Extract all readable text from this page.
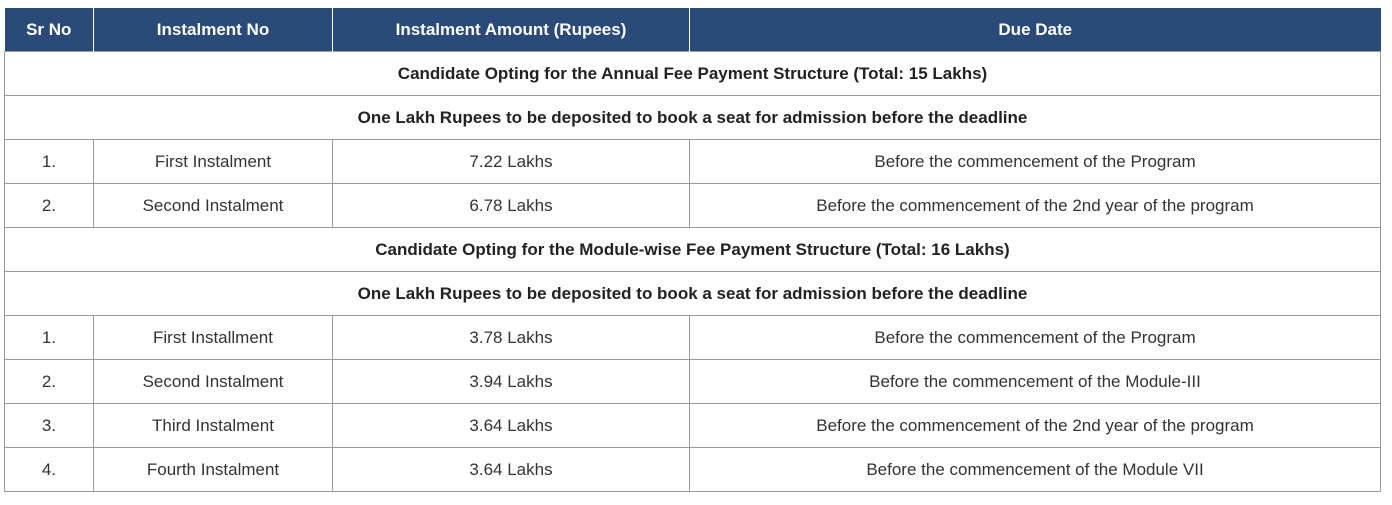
Sr No	Instalment No	Instalment Amount (Rupees)	Due Date
Candidate Opting for the Annual Fee Payment Structure (Total: 15 Lakhs)			
One Lakh Rupees to be deposited to book a seat for admission before the deadline			
1.	First Instalment	7.22 Lakhs	Before the commencement of the Program
2.	Second Instalment	6.78 Lakhs	Before the commencement of the 2nd year of the program
Candidate Opting for the Module-wise Fee Payment Structure (Total: 16 Lakhs)			
One Lakh Rupees to be deposited to book a seat for admission before the deadline			
1.	First Installment	3.78 Lakhs	Before the commencement of the Program
2.	Second Instalment	3.94 Lakhs	Before the commencement of the Module-III
3.	Third Instalment	3.64 Lakhs	Before the commencement of the 2nd year of the program
4.	Fourth Instalment	3.64 Lakhs	Before the commencement of the Module VII
